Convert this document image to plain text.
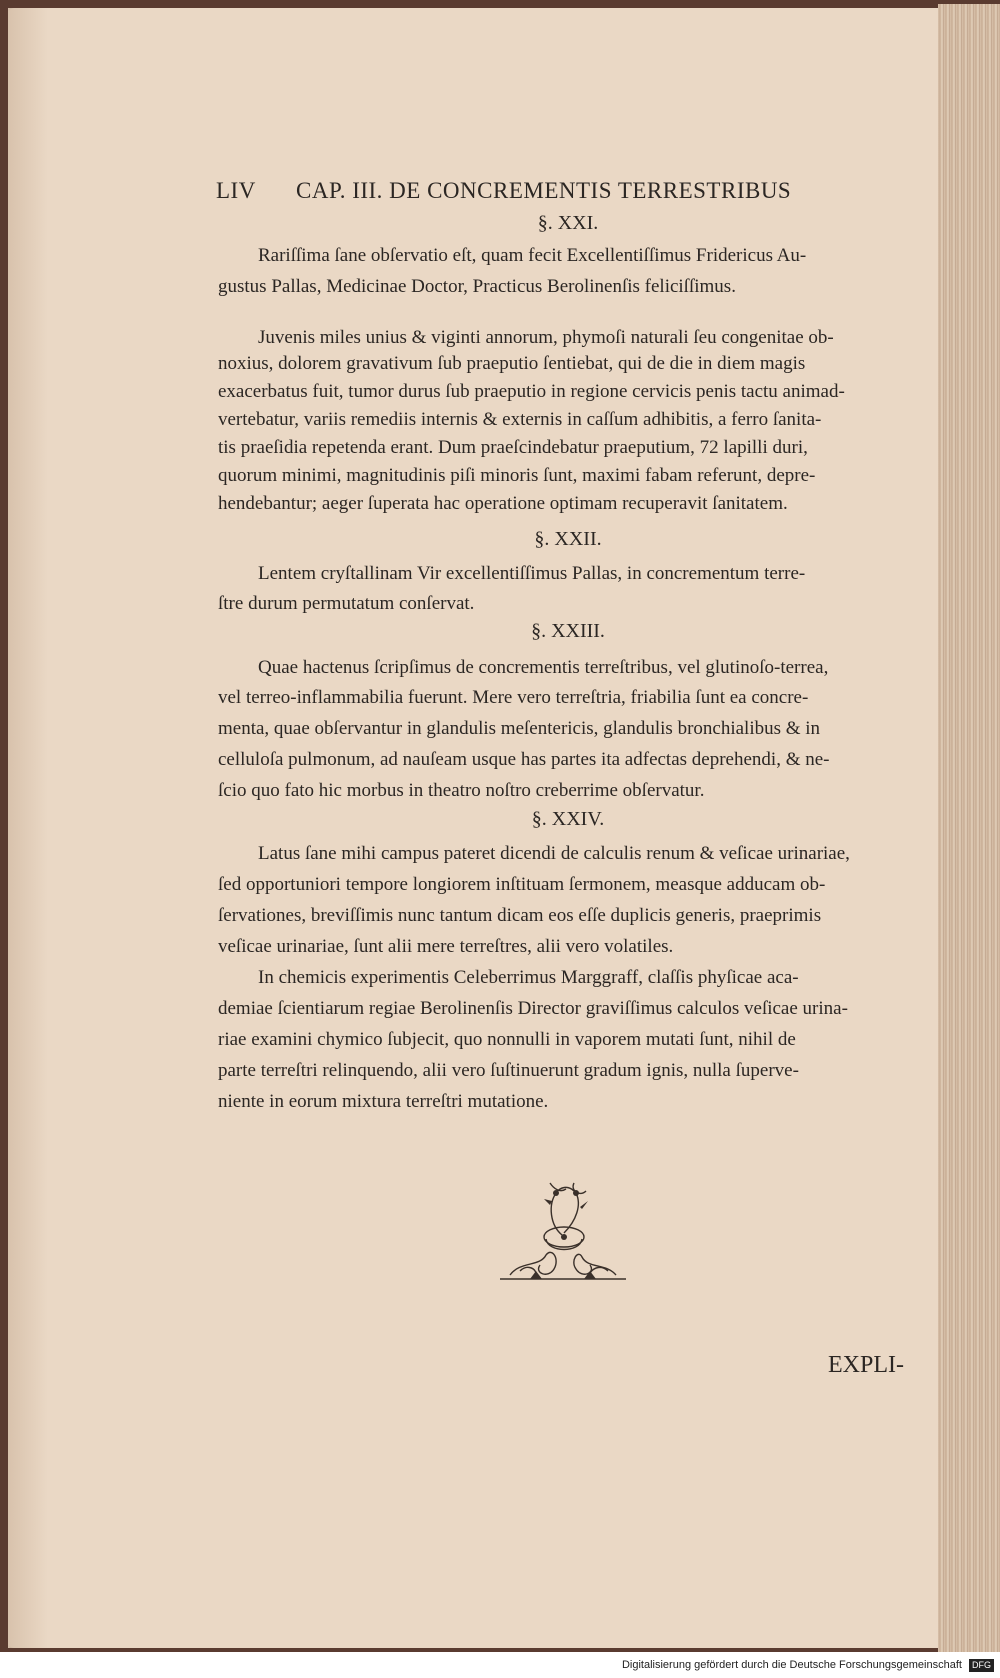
LIV	CAP. III. DE CONCREMENTIS TERRESTRIBUS
§. XXI.
Rariſſima ſane obſervatio eſt, quam fecit Excellentiſſimus Fridericus Au-
gustus Pallas, Medicinae Doctor, Practicus Berolinenſis feliciſſimus.
Juvenis miles unius & viginti annorum, phymoſi naturali ſeu congenitae ob-
noxius, dolorem gravativum ſub praeputio ſentiebat, qui de die in diem magis
exacerbatus fuit, tumor durus ſub praeputio in regione cervicis penis tactu animad-
vertebatur, variis remediis internis & externis in caſſum adhibitis, a ferro ſanita-
tis praeſidia repetenda erant. Dum praeſcindebatur praeputium, 72 lapilli duri,
quorum minimi, magnitudinis piſi minoris ſunt, maximi fabam referunt, depre-
hendebantur; aeger ſuperata hac operatione optimam recuperavit ſanitatem.
§. XXII.
Lentem cryſtallinam Vir excellentiſſimus Pallas, in concrementum terre-
ſtre durum permutatum conſervat.
§. XXIII.
Quae hactenus ſcripſimus de concrementis terreſtribus, vel glutinoſo-terrea,
vel terreo-inflammabilia fuerunt. Mere vero terreſtria, friabilia ſunt ea concre-
menta, quae obſervantur in glandulis meſentericis, glandulis bronchialibus & in
celluloſa pulmonum, ad nauſeam usque has partes ita adfectas deprehendi, & ne-
ſcio quo fato hic morbus in theatro noſtro creberrime obſervatur.
§. XXIV.
Latus ſane mihi campus pateret dicendi de calculis renum & veſicae urinariae,
ſed opportuniori tempore longiorem inſtituam ſermonem, measque adducam ob-
ſervationes, breviſſimis nunc tantum dicam eos eſſe duplicis generis, praeprimis
veſicae urinariae, ſunt alii mere terreſtres, alii vero volatiles.
In chemicis experimentis Celeberrimus Marggraff, claſſis phyſicae aca-
demiae ſcientiarum regiae Berolinenſis Director graviſſimus calculos veſicae urina-
riae examini chymico ſubjecit, quo nonnulli in vaporem mutati ſunt, nihil de
parte terreſtri relinquendo, alii vero ſuſtinuerunt gradum ignis, nulla ſuperve-
niente in eorum mixtura terreſtri mutatione.
EXPLI-
Digitalisierung gefördert durch die Deutsche Forschungsgemeinschaft DFG
